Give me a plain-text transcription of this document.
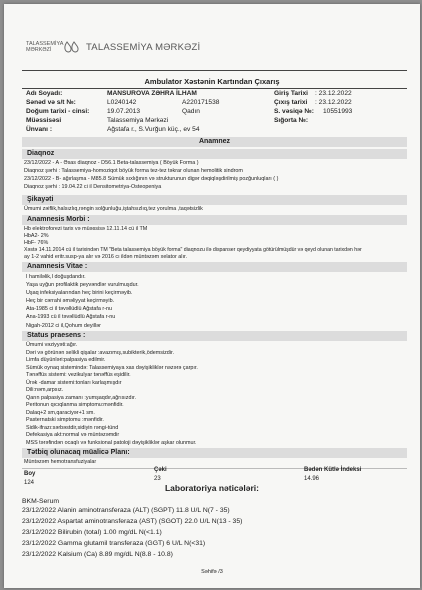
TALASSEMİYA MƏRKƏZİ	TALASSEMİYA MƏRKƏZİ
Ambulator Xəstənin Kartından Çıxarış
Adı Soyadı:	MANSUROVA ZƏHRA İLHAM
Sənəd və s/t №:	L0240142	A220171538
Doğum tarixi - cinsi:	19.07.2013	Qadın
Müəssisəsi	Talassemiya Mərkəzi
Ünvanı :	Ağstafa r., S.Vurğun küç., ev 54
Giriş Tarixi : 23.12.2022
Çıxış tarixi : 23.12.2022
S. vəsiqə №: 10551993
Sığorta №:
Anamnez
Diaqnoz
23/12/2022 - A - Əsas diaqnoz - D56.1 Beta-talassemiya ( Böyük Forma )
Diaqnoz şərhi : Talassemiya-homoziqot böyük forma tez-tez təkrar olunan hemolitik sindrom
23/12/2022 - B- ağırlaşma - M85.8 Sümük sıxlığının və strukturunun digər dəqiqləşdirilmiş pozğunluqları ( )
Diaqnoz şərhi : 19.04.22 ci il Densitometriya-Osteopeniya
Şikayəti
Ümumi zəiflik,halsızlıq,rəngin solğunluğu,iştahsızlıq,tez yorulma ,taqətsizlik
Anamnesis Morbi :
Hb elektroforezi tarix və müəssisə 12.11.14 cü il TM
HbA2- 2%
HbF- 76%
Xəstə 14.11.2014 cü il tarixindən TM "Beta talassemiya böyük forma" diaqnozu ilə dispanser qeydiyyata götürülmüşdür və qeyd olunan tarixdən hər
ay 1-2 vahid eritr.susp-ya alır və 2016 cı ildən müntəzəm xelator alır.
Anamnesis Vitae :
I hamiləlik,I doğuşdandır.
Yaşa uyğun profilaktik peyvəndlər vurulmuşdur.
Uşaq infeksiyalarından heç birini keçirməyib.
Heç bir cərrahi əməliyyat keçirməyib.
Ata-1985 ci il təvəllüdlü Ağstafa r-nu
Ana-1993 cü il təvəllüdlü Ağstafa r-nu
Nigah-2012 ci il,Qohum deyillər
Status praesens :
Ümumi vəziyyəti:ağır.
Dəri və görünən selikli qişalar :avazımış,subikterik,ödemsizdir.
Limfa düyünləri:palpasiya edilmir.
Sümük oynaq sistemində: Talassemiyaya xas dəyişikliklər nəzərə çarpır.
Tənəffüs sistemi: vezikulyar tənəffüs eşidilir.
Ürək -damar sistemi:tonları karlaşmışdır
Dili:nəm,arpsız.
Qarın palpasiya zamanı :yumşaqdır,ağrısızdır.
Peritonun qıcıqlanma simptomu:mənfidir.
Dalaq+2 sm,qaraciyər+1 sm.
Pasternatski simptomu :mənfidir.
Sidik-ifrazı:sərbəstdir,sidiyin rəngi-tünd
Defekasiya akt:normal və müntəzəmdir
MSS tərəfindən ocaqlı və funksional patoloji dəyişikliklər aşkar olunmur.
Tətbiq olunacaq müalicə Planı:
Müntəzəm hemotransfuziyalar
Boy
124
Çəki
23
Bədən Kütlə İndeksi
14.96
Laboratoriya nəticələri:
BKM-Serum
23/12/2022 Alanin aminotransferaza (ALT) (SGPT) 11.8 U/L N(7 - 35)
23/12/2022 Aspartat aminotransferaza (AST) (SGOT) 22.0 U/L N(13 - 35)
23/12/2022 Bilirubin (total) 1.00 mg/dL N(<1.1)
23/12/2022 Gamma glutamil transferaza (GGT) 6 U/L N(<31)
23/12/2022 Kalsium (Ca) 8.89 mg/dL N(8.8 - 10.8)
Səhifə /3
